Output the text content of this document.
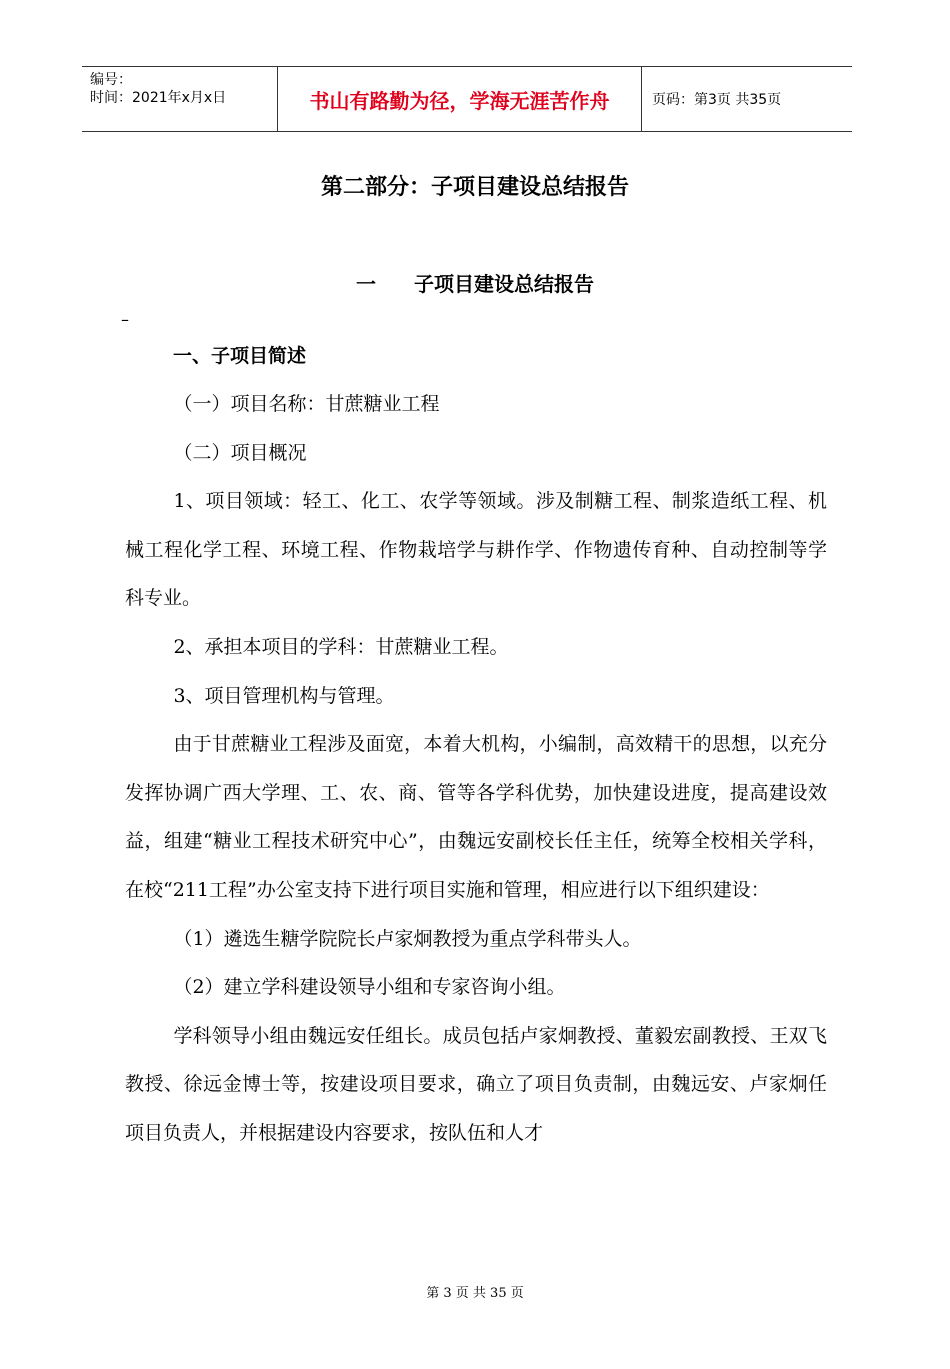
编号：
时间：2021年x月x日	书山有路勤为径，学海无涯苦作舟	页码：第3页 共35页
第二部分：子项目建设总结报告
一 子项目建设总结报告
–
一、子项目简述

（一）项目名称：甘蔗糖业工程

（二）项目概况

1、项目领域：轻工、化工、农学等领域。涉及制糖工程、制浆造纸工程、机械工程化学工程、环境工程、作物栽培学与耕作学、作物遗传育种、自动控制等学科专业。

2、承担本项目的学科：甘蔗糖业工程。

3、项目管理机构与管理。

由于甘蔗糖业工程涉及面宽，本着大机构，小编制，高效精干的思想，以充分发挥协调广西大学理、工、农、商、管等各学科优势，加快建设进度，提高建设效益，组建“糖业工程技术研究中心”，由魏远安副校长任主任，统筹全校相关学科，在校“211工程”办公室支持下进行项目实施和管理，相应进行以下组织建设：

（1）遴选生糖学院院长卢家炯教授为重点学科带头人。

（2）建立学科建设领导小组和专家咨询小组。

学科领导小组由魏远安任组长。成员包括卢家炯教授、董毅宏副教授、王双飞教授、徐远金博士等，按建设项目要求，确立了项目负责制，由魏远安、卢家炯任项目负责人，并根据建设内容要求，按队伍和人才

第 3 页 共 35 页
